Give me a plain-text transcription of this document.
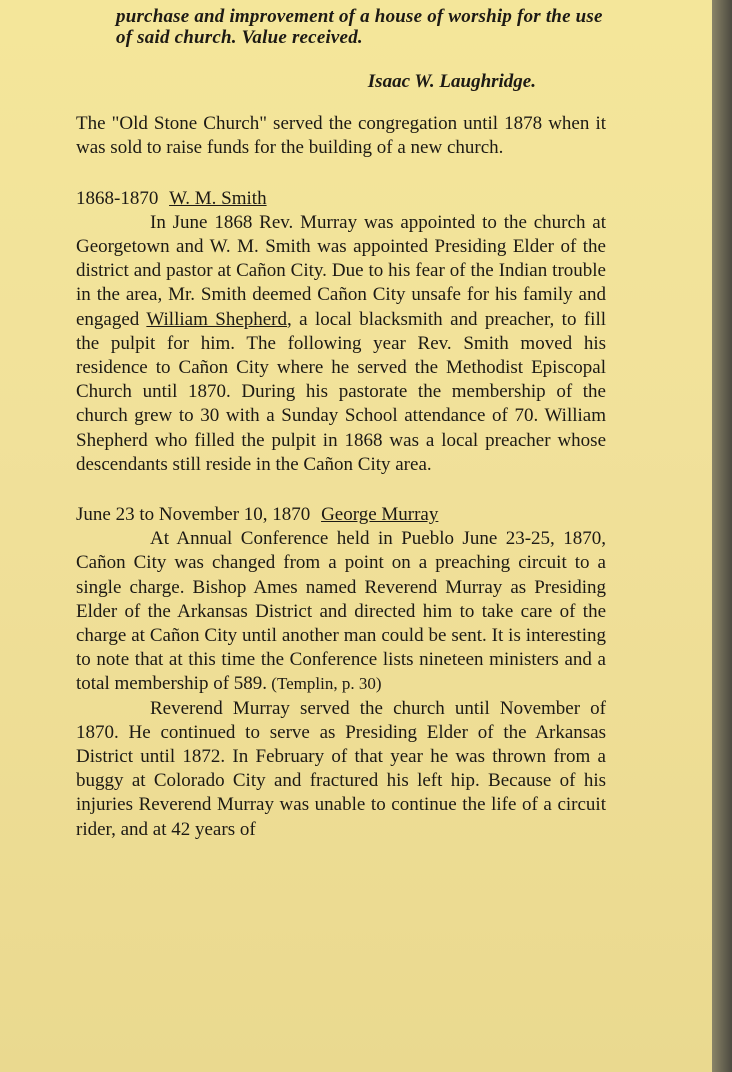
purchase and improvement of a house of worship for the use of said church. Value received.
Isaac W. Laughridge.
The "Old Stone Church" served the congregation until 1878 when it was sold to raise funds for the building of a new church.
1868-1870 W. M. Smith

In June 1868 Rev. Murray was appointed to the church at Georgetown and W. M. Smith was appointed Presiding Elder of the district and pastor at Cañon City. Due to his fear of the Indian trouble in the area, Mr. Smith deemed Cañon City unsafe for his family and engaged William Shepherd, a local blacksmith and preacher, to fill the pulpit for him. The following year Rev. Smith moved his residence to Cañon City where he served the Methodist Episcopal Church until 1870. During his pastorate the membership of the church grew to 30 with a Sunday School attendance of 70. William Shepherd who filled the pulpit in 1868 was a local preacher whose descendants still reside in the Cañon City area.

June 23 to November 10, 1870 George Murray

At Annual Conference held in Pueblo June 23-25, 1870, Cañon City was changed from a point on a preaching circuit to a single charge. Bishop Ames named Reverend Murray as Presiding Elder of the Arkansas District and directed him to take care of the charge at Cañon City until another man could be sent. It is interesting to note that at this time the Conference lists nineteen ministers and a total membership of 589. (Templin, p. 30)

Reverend Murray served the church until November of 1870. He continued to serve as Presiding Elder of the Arkansas District until 1872. In February of that year he was thrown from a buggy at Colorado City and fractured his left hip. Because of his injuries Reverend Murray was unable to continue the life of a circuit rider, and at 42 years of
